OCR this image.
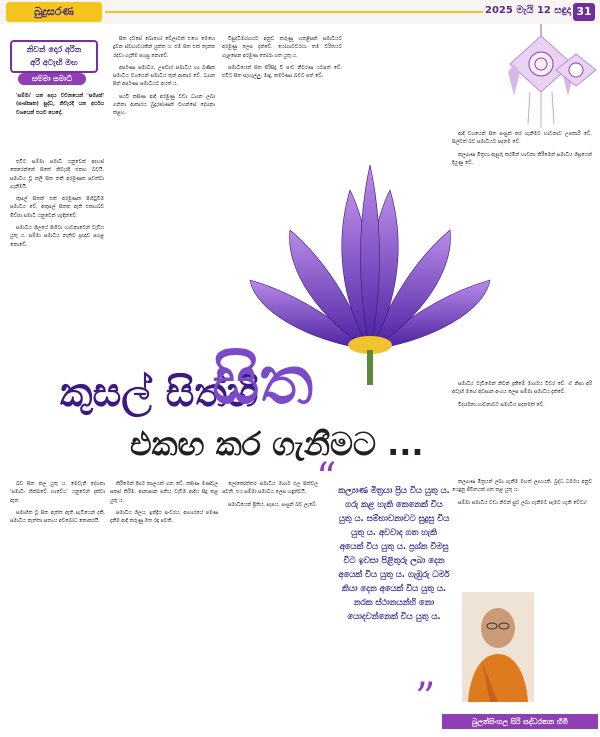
බුදුසරණ	2025 මැයි 12 සඳුදා 31
නිවන් දොර අරින
අරි අටැඟි මඟ
සම්මා සමාධි
'සම්මා' යන පදය වචනයෙන් 'සම්‍යක්' (සංස්කෘත) සුද්ධ, නිවැරදි යන අර්ථය වශයෙන් එයට යෙදේ.

එවිට සම්මා සමාධි යනුවෙන් අදහස් කෙරෙන්නේ සිතේ නිවැරදි එකඟ බවයි. සමාධිය වූ කලී සිත තනි අරමුණක පවත්වා ගැනීමයි.

කුසල් සිතක් එක් අරමුණක පිහිටුවීම සමාධිය වේ. අකුසල් සිතක ඇති එකඟබව මිච්ඡා සමාධි යනුවෙන් හැඳින්වේ.

සමාධිය ශීලයේ පිහිටා භාවනාවෙන් වැඩිය යුතු ය. සම්මා සමාධිය නැතිව ප්‍රඥාව පහළ නොවේ.

සිත දවසේ බොහෝ වේලාවක් එහෙ මෙහෙ දුවන ස්වභාවයකින් යුක්ත ය. එම සිත එක් තැනක රඳවා ගැනීම පහසු නොවේ.

අර්පණා සමාධිය, උපචාර සමාධිය හා ඛණික සමාධිය වශයෙන් සමාධිය තුන් ආකාර වේ. ධ්‍යාන සිත් අර්පණා සමාධියට අයත් ය.

පඨවි කසිණ ආදී අරමුණු වඩා ධ්‍යාන ලබා ගන්නා ආකාරය බුදුරජාණන් වහන්සේ දේශනා කළහ.

විසුද්ධිමග්ගයට අනුව කරුණු හතළිසක් සමාධියට අරමුණු ලෙස දැක්වේ. යෝගාවචරයා තම චරිතයට ගැළපෙන අරමුණ තෝරා ගත යුතු ය.

සමාධියෙන් සිත පිරිසිදු වී පංච නීවරණ යටපත් වේ. එවිට සිත සැහැල්ලු, මෘදු, කර්මණ්‍ය බවට පත් වේ.

ආදී වශයෙන් සිත සංසුන් කර ගැනීමට භාවනාව උපකාරී වේ. සිල්වත් බව සමාධියට පදනම වේ.

කල්‍යාණ මිත්‍රයා ඇසුරු කරමින් භාවනා කිරීමෙන් සමාධිය ශීඝ්‍රයෙන් දියුණු වේ.

සමාධිය වැඩීමෙන් නිවන් දැකීමේ මාර්ගය විවර වේ. ඒ නිසා අරි අටැඟි මඟේ අවසාන අංගය ලෙස සම්මා සමාධිය දැක්වේ.

විදර්ශනා භාවනාවට සමාධිය පදනමක් වේ.

කුසල් සිත්හි
සිත
එකඟ කර ගැනීමට ...

බව සිත කල යුතු ය. මෙවැනි දේශනා 'සමාධිං භික්ඛවේ භාවේථ' යනුවෙන් දක්වා ඇත.

සමාහිත වූ සිත ඇත්ත ඇති සැටියෙන් දකී. සමාධිය නැත්තා සත්‍යය අවබෝධ නොකරයි.

කිරීමෙන් දීර්ඝ කාලයක් ගත වේ. කසිණ මණ්ඩල සකස් කිරීම, ආනාපාන සතිය වැඩීම ආදිය සිදු කළ යුතු ය.

සමාධිය ශීලය, ඉන්ද්‍රිය සංවරය, ආහාරයේ පමණ දැනීම ආදී කරුණු මත රඳා පවතී.

ලෝකෝත්තර සමාධිය මාර්ග ඵල සිත්වල පවතී. එය සම්මා සමාධිය ලෙස හඳුන්වයි.

සමාධියෙන් ප්‍රීතිය, සැපය, සංසුන් බව ලැබේ.

කල්‍යාණ මිත්‍රයන් ලබා ගැනීම මහත් ලාභයකි. බුද්ධ ධර්මය අනුව යෙදුනු ජීවිතයක් ගත කළ යුතු ය.

සම්මා සමාධිය වඩා නිවන් සුව ලබා ගැනීමට සැමට හැකි වේවා!

“ කල්‍යාණ මිත්‍රයා ප්‍රිය විය යුතු ය. ගරු කළ හැකි කෙනෙක් විය යුතු ය. සම්භාවනාවට සුදුසු විය යුතු ය. අවවාද ගත හැකි අයෙක් විය යුතු ය. ප්‍රශ්න විමසු විට ඉවසා පිළිතුරු ලබා දෙන අයෙක් විය යුතු ය. ගැඹුරු ධර්ම කියා දෙන අයෙක් විය යුතු ය. නරක ස්ථානයන්හි නො යොදවන්නෙක් විය යුතු ය.
”
බුලත්සිංහල සිරි සද්ධරතන හිමි
